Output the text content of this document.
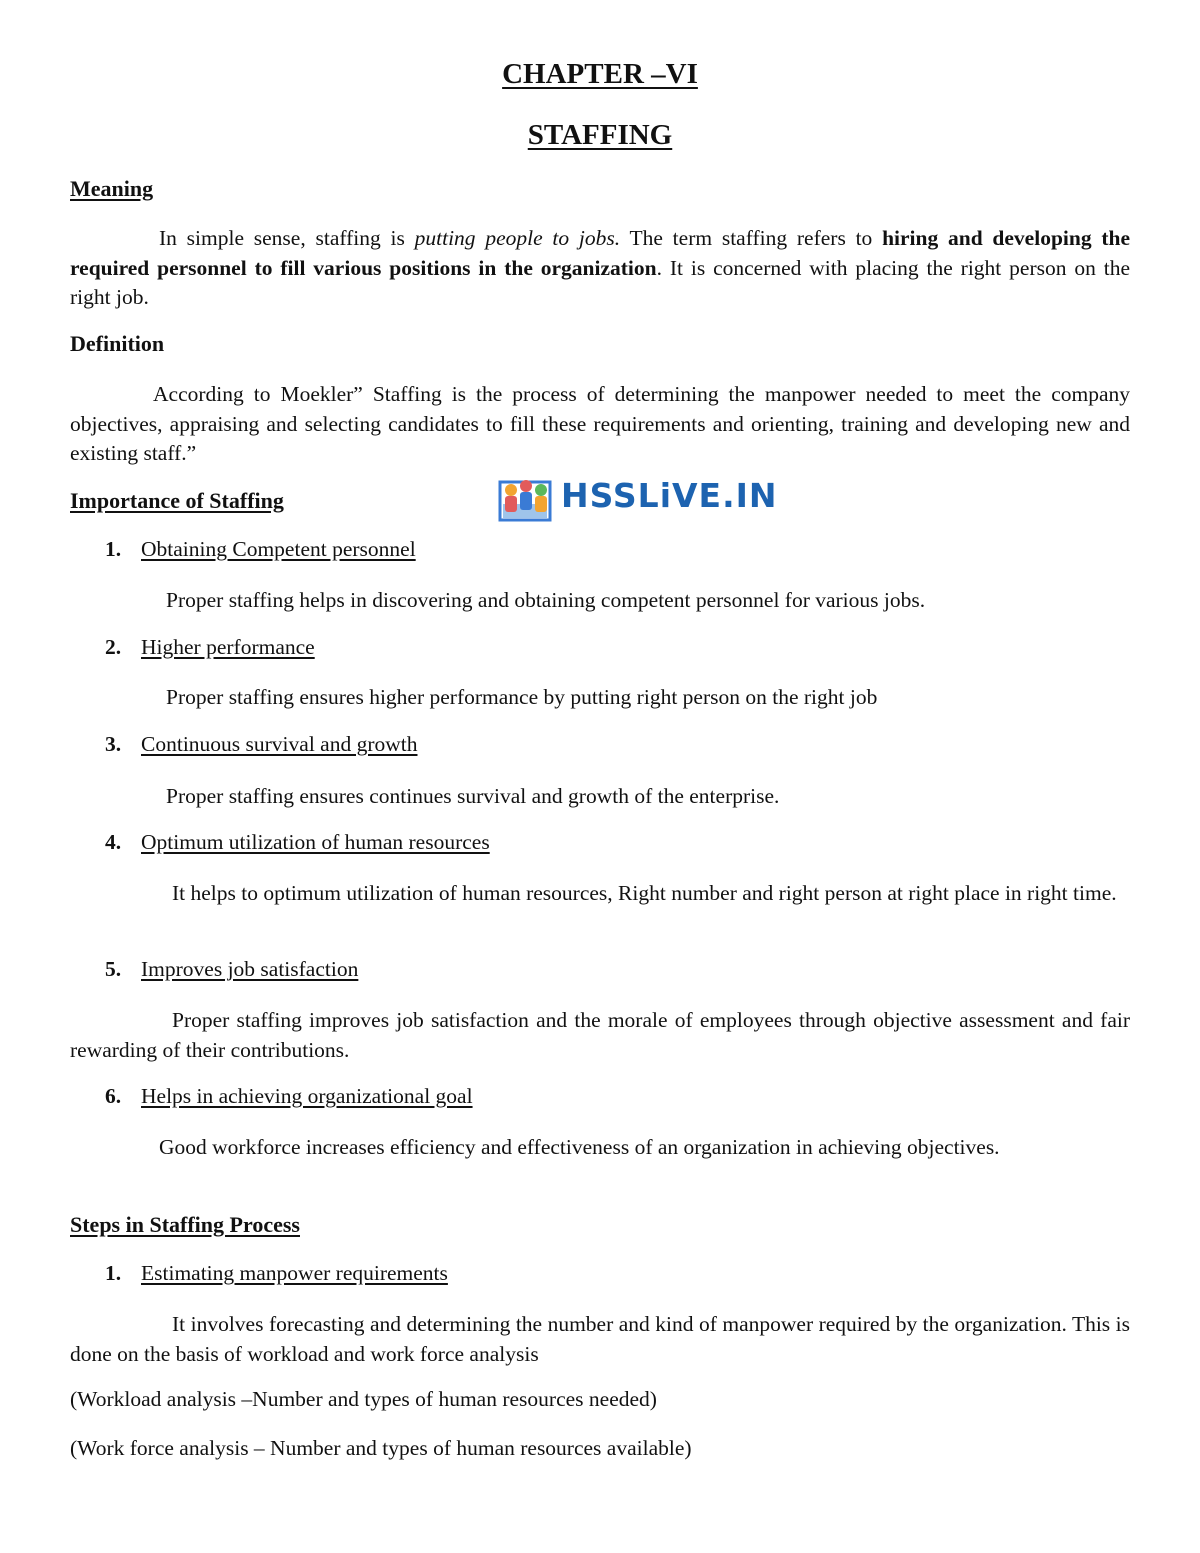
CHAPTER –VI
STAFFING
Meaning

In simple sense, staffing is putting people to jobs. The term staffing refers to hiring and developing the required personnel to fill various positions in the organization. It is concerned with placing the right person on the right job.

Definition

According to Moekler” Staffing is the process of determining the manpower needed to meet the company objectives, appraising and selecting candidates to fill these requirements and orienting, training and developing new and existing staff.”

Importance of Staffing	HSSLiVE.IN
1. Obtaining Competent personnel

Proper staffing helps in discovering and obtaining competent personnel for various jobs.

2. Higher performance

Proper staffing ensures higher performance by putting right person on the right job

3. Continuous survival and growth

Proper staffing ensures continues survival and growth of the enterprise.

4. Optimum utilization of human resources

It helps to optimum utilization of human resources, Right number and right person at right place in right time.

5. Improves job satisfaction

Proper staffing improves job satisfaction and the morale of employees through objective assessment and fair rewarding of their contributions.

6. Helps in achieving organizational goal

Good workforce increases efficiency and effectiveness of an organization in achieving objectives.

Steps in Staffing Process
1. Estimating manpower requirements

It involves forecasting and determining the number and kind of manpower required by the organization. This is done on the basis of workload and work force analysis

(Workload analysis –Number and types of human resources needed)

(Work force analysis – Number and types of human resources available)
